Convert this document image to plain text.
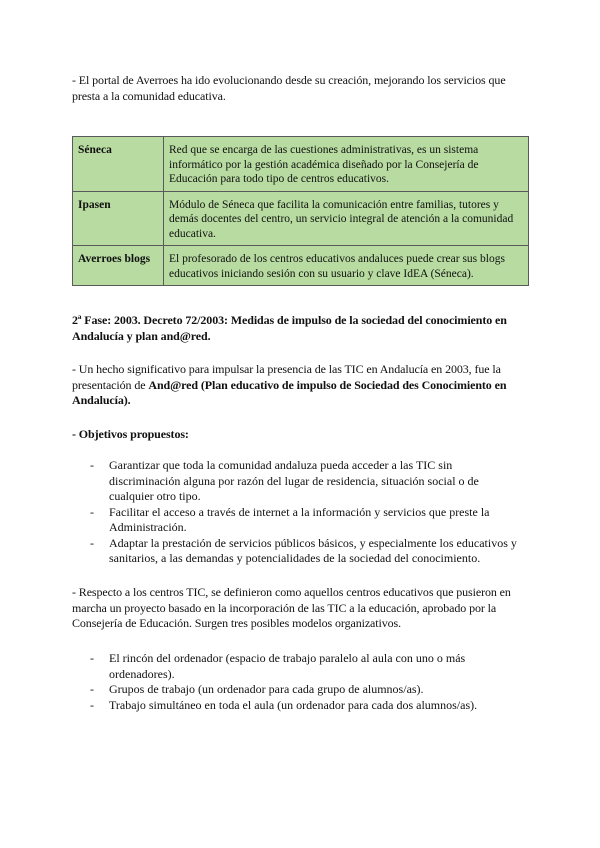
- El portal de Averroes ha ido evolucionando desde su creación, mejorando los servicios que presta a la comunidad educativa.

Séneca	Red que se encarga de las cuestiones administrativas, es un sistema informático por la gestión académica diseñado por la Consejería de Educación para todo tipo de centros educativos.
Ipasen	Módulo de Séneca que facilita la comunicación entre familias, tutores y demás docentes del centro, un servicio integral de atención a la comunidad educativa.
Averroes blogs	El profesorado de los centros educativos andaluces puede crear sus blogs educativos iniciando sesión con su usuario y clave IdEA (Séneca).

2ª Fase: 2003. Decreto 72/2003: Medidas de impulso de la sociedad del conocimiento en Andalucía y plan and@red.

- Un hecho significativo para impulsar la presencia de las TIC en Andalucía en 2003, fue la presentación de And@red (Plan educativo de impulso de Sociedad des Conocimiento en Andalucía).

- Objetivos propuestos:

- Garantizar que toda la comunidad andaluza pueda acceder a las TIC sin discriminación alguna por razón del lugar de residencia, situación social o de cualquier otro tipo.
- Facilitar el acceso a través de internet a la información y servicios que preste la Administración.
- Adaptar la prestación de servicios públicos básicos, y especialmente los educativos y sanitarios, a las demandas y potencialidades de la sociedad del conocimiento.

- Respecto a los centros TIC, se definieron como aquellos centros educativos que pusieron en marcha un proyecto basado en la incorporación de las TIC a la educación, aprobado por la Consejería de Educación. Surgen tres posibles modelos organizativos.

- El rincón del ordenador (espacio de trabajo paralelo al aula con uno o más ordenadores).
- Grupos de trabajo (un ordenador para cada grupo de alumnos/as).
- Trabajo simultáneo en toda el aula (un ordenador para cada dos alumnos/as).
